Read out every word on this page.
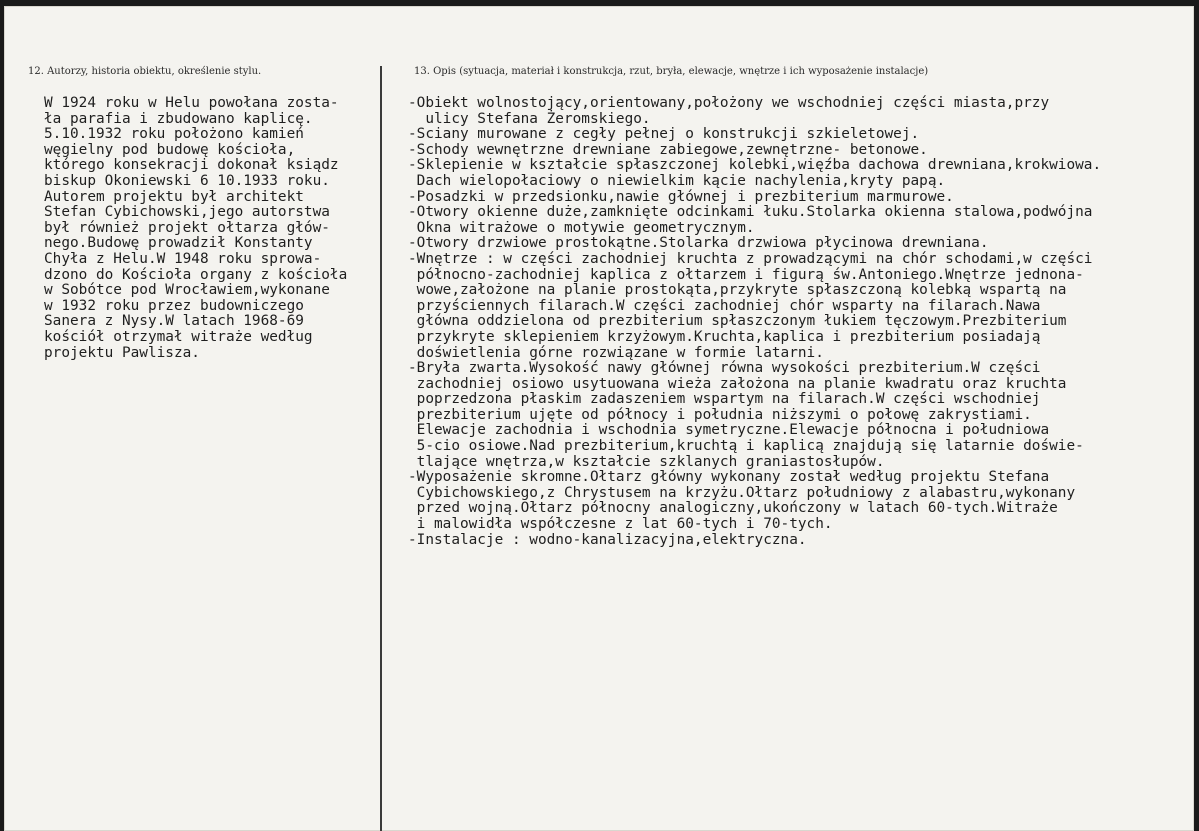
12. Autorzy, historia obiektu, określenie stylu.	13. Opis (sytuacja, materiał i konstrukcja, rzut, bryła, elewacje, wnętrze i ich wyposażenie instalacje)
W 1924 roku w Helu powołana zosta-
ła parafia i zbudowano kaplicę.
5.10.1932 roku położono kamień
węgielny pod budowę kościoła,
którego konsekracji dokonał ksiądz
biskup Okoniewski 6 10.1933 roku.
Autorem projektu był architekt
Stefan Cybichowski,jego autorstwa
był również projekt ołtarza głów-
nego.Budowę prowadził Konstanty
Chyła z Helu.W 1948 roku sprowa-
dzono do Kościoła organy z kościoła
w Sobótce pod Wrocławiem,wykonane
w 1932 roku przez budowniczego
Sanera z Nysy.W latach 1968-69
kościół otrzymał witraże według
projektu Pawlisza.
-Obiekt wolnostojący,orientowany,położony we wschodniej części miasta,przy
ulicy Stefana Żeromskiego.
-Sciany murowane z cegły pełnej o konstrukcji szkieletowej.
-Schody wewnętrzne drewniane zabiegowe,zewnętrzne- betonowe.
-Sklepienie w kształcie spłaszczonej kolebki,więźba dachowa drewniana,krokwiowa.
Dach wielopołaciowy o niewielkim kącie nachylenia,kryty papą.
-Posadzki w przedsionku,nawie głównej i prezbiterium marmurowe.
-Otwory okienne duże,zamknięte odcinkami łuku.Stolarka okienna stalowa,podwójna
Okna witrażowe o motywie geometrycznym.
-Otwory drzwiowe prostokątne.Stolarka drzwiowa płycinowa drewniana.
-Wnętrze : w części zachodniej kruchta z prowadzącymi na chór schodami,w części
północno-zachodniej kaplica z ołtarzem i figurą św.Antoniego.Wnętrze jednona-
wowe,założone na planie prostokąta,przykryte spłaszczoną kolebką wspartą na
przyściennych filarach.W części zachodniej chór wsparty na filarach.Nawa
główna oddzielona od prezbiterium spłaszczonym łukiem tęczowym.Prezbiterium
przykryte sklepieniem krzyżowym.Kruchta,kaplica i prezbiterium posiadają
doświetlenia górne rozwiązane w formie latarni.
-Bryła zwarta.Wysokość nawy głównej równa wysokości prezbiterium.W części
zachodniej osiowo usytuowana wieża założona na planie kwadratu oraz kruchta
poprzedzona płaskim zadaszeniem wspartym na filarach.W części wschodniej
prezbiterium ujęte od północy i południa niższymi o połowę zakrystiami.
Elewacje zachodnia i wschodnia symetryczne.Elewacje północna i południowa
5-cio osiowe.Nad prezbiterium,kruchtą i kaplicą znajdują się latarnie doświe-
tlające wnętrza,w kształcie szklanych graniastosłupów.
-Wyposażenie skromne.Ołtarz główny wykonany został według projektu Stefana
Cybichowskiego,z Chrystusem na krzyżu.Ołtarz południowy z alabastru,wykonany
przed wojną.Ołtarz północny analogiczny,ukończony w latach 60-tych.Witraże
i malowidła współczesne z lat 60-tych i 70-tych.
-Instalacje : wodno-kanalizacyjna,elektryczna.
